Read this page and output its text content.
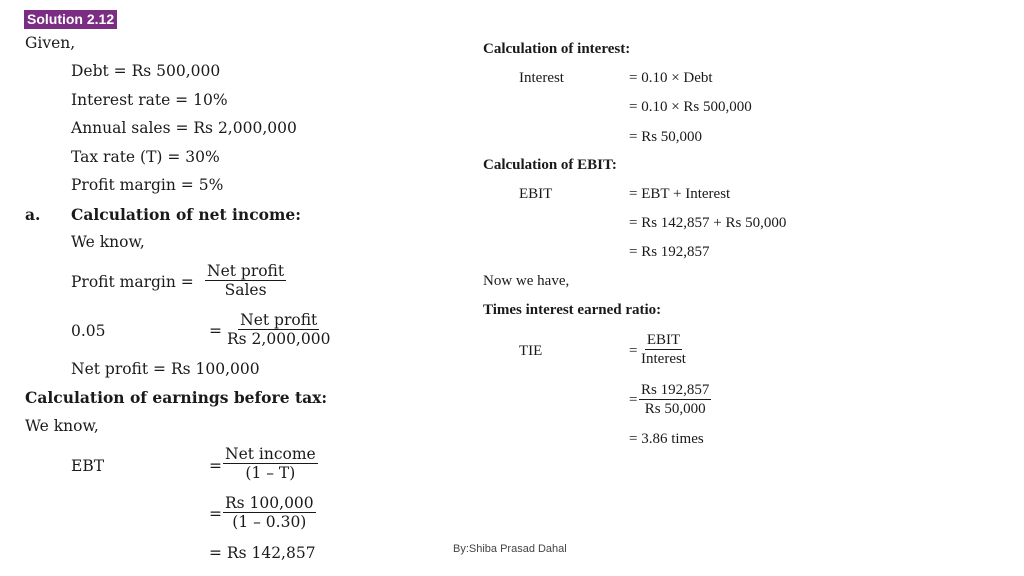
Solution 2.12
Given,
Debt = Rs 500,000
Interest rate = 10%
Annual sales = Rs 2,000,000
Tax rate (T) = 30%
Profit margin = 5%
a. Calculation of net income:
We know,
Profit margin =
Net profit
Sales
0.05	=
Net profit
Rs 2,000,000
Net profit = Rs 100,000
Calculation of earnings before tax:
We know,
EBT	=
Net income
(1 – T)
= $\frac{Rs 100,000}{(1 - 0.30)}$
= Rs 142,857
Calculation of interest:
Interest	= 0.10 × Debt
= 0.10 × Rs 500,000
= Rs 50,000
Calculation of EBIT:
EBIT	= EBT + Interest
= Rs 142,857 + Rs 50,000
= Rs 192,857
Now we have,
Times interest earned ratio:
TIE	=
EBIT
Interest
= $\frac{Rs 192,857}{Rs 50,000}$
= 3.86 times
By:Shiba Prasad Dahal
